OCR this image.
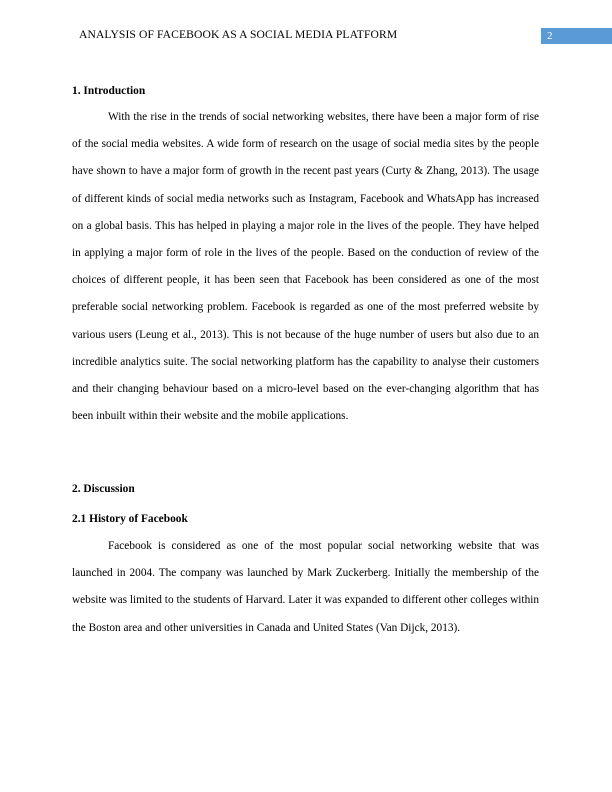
ANALYSIS OF FACEBOOK AS A SOCIAL MEDIA PLATFORM	2
1. Introduction

With the rise in the trends of social networking websites, there have been a major form of rise of the social media websites. A wide form of research on the usage of social media sites by the people have shown to have a major form of growth in the recent past years (Curty & Zhang, 2013). The usage of different kinds of social media networks such as Instagram, Facebook and WhatsApp has increased on a global basis. This has helped in playing a major role in the lives of the people. They have helped in applying a major form of role in the lives of the people. Based on the conduction of review of the choices of different people, it has been seen that Facebook has been considered as one of the most preferable social networking problem. Facebook is regarded as one of the most preferred website by various users (Leung et al., 2013). This is not because of the huge number of users but also due to an incredible analytics suite. The social networking platform has the capability to analyse their customers and their changing behaviour based on a micro-level based on the ever-changing algorithm that has been inbuilt within their website and the mobile applications.

2. Discussion
2.1 History of Facebook

Facebook is considered as one of the most popular social networking website that was launched in 2004. The company was launched by Mark Zuckerberg. Initially the membership of the website was limited to the students of Harvard. Later it was expanded to different other colleges within the Boston area and other universities in Canada and United States (Van Dijck, 2013).
